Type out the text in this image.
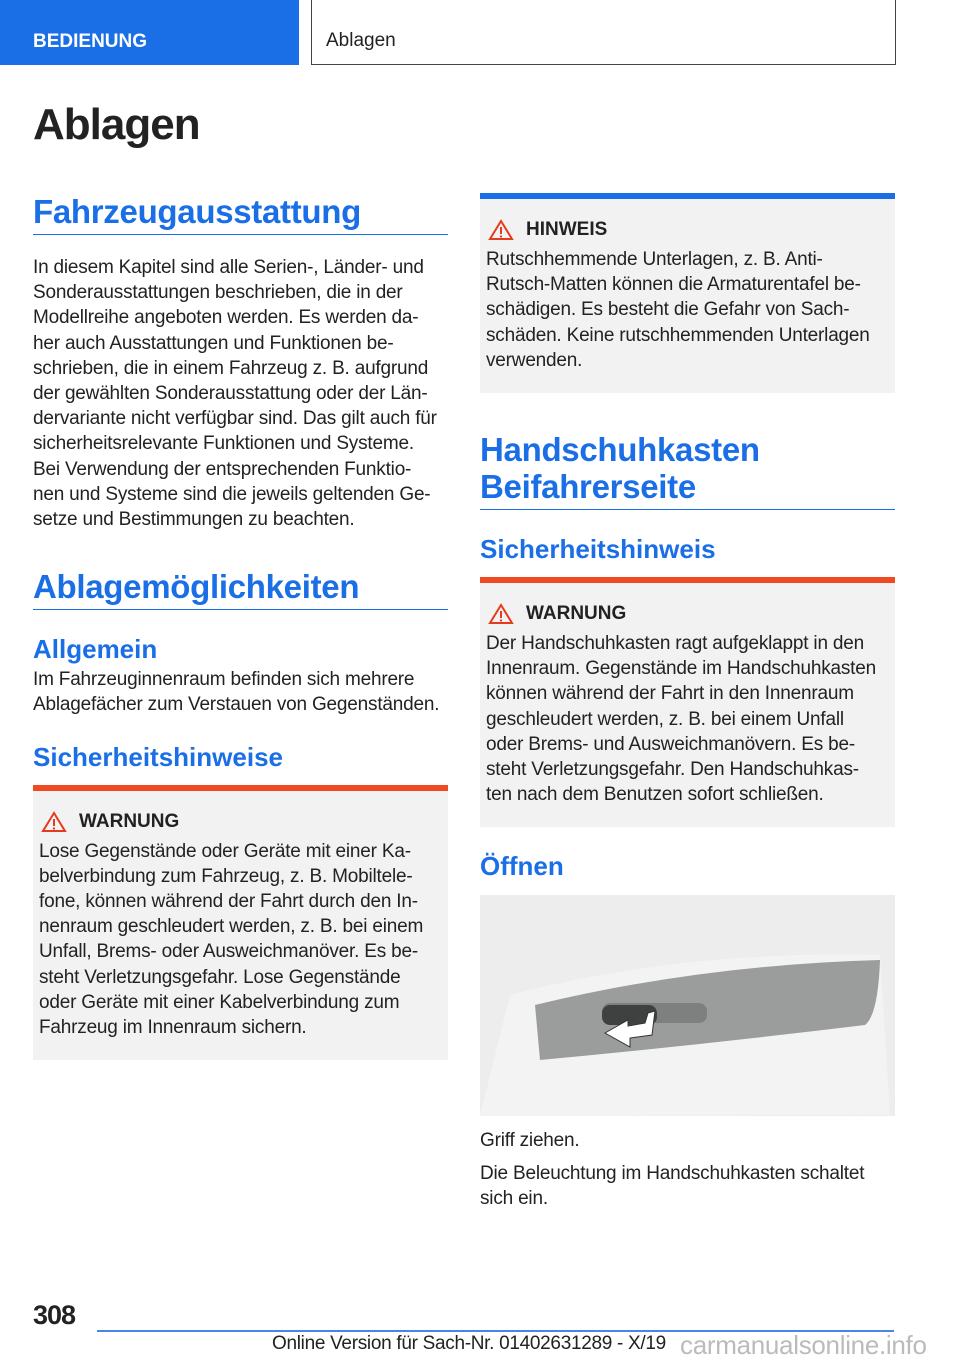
BEDIENUNG	Ablagen
Ablagen
Fahrzeugausstattung
In diesem Kapitel sind alle Serien-, Länder- und
Sonderausstattungen beschrieben, die in der
Modellreihe angeboten werden. Es werden da-
her auch Ausstattungen und Funktionen be-
schrieben, die in einem Fahrzeug z. B. aufgrund
der gewählten Sonderausstattung oder der Län-
dervariante nicht verfügbar sind. Das gilt auch für
sicherheitsrelevante Funktionen und Systeme.
Bei Verwendung der entsprechenden Funktio-
nen und Systeme sind die jeweils geltenden Ge-
setze und Bestimmungen zu beachten.
Ablagemöglichkeiten
Allgemein
Im Fahrzeuginnenraum befinden sich mehrere
Ablagefächer zum Verstauen von Gegenständen.
Sicherheitshinweise
WARNUNG
Lose Gegenstände oder Geräte mit einer Ka-
belverbindung zum Fahrzeug, z. B. Mobiltele-
fone, können während der Fahrt durch den In-
nenraum geschleudert werden, z. B. bei einem
Unfall, Brems- oder Ausweichmanöver. Es be-
steht Verletzungsgefahr. Lose Gegenstände
oder Geräte mit einer Kabelverbindung zum
Fahrzeug im Innenraum sichern.
HINWEIS
Rutschhemmende Unterlagen, z. B. Anti-
Rutsch-Matten können die Armaturentafel be-
schädigen. Es besteht die Gefahr von Sach-
schäden. Keine rutschhemmenden Unterlagen
verwenden.
Handschuhkasten
Beifahrerseite
Sicherheitshinweis
WARNUNG
Der Handschuhkasten ragt aufgeklappt in den
Innenraum. Gegenstände im Handschuhkasten
können während der Fahrt in den Innenraum
geschleudert werden, z. B. bei einem Unfall
oder Brems- und Ausweichmanövern. Es be-
steht Verletzungsgefahr. Den Handschuhkas-
ten nach dem Benutzen sofort schließen.
Öffnen
Griff ziehen.
Die Beleuchtung im Handschuhkasten schaltet
sich ein.
308
Online Version für Sach-Nr. 01402631289 - X/19 carmanualsonline.info
